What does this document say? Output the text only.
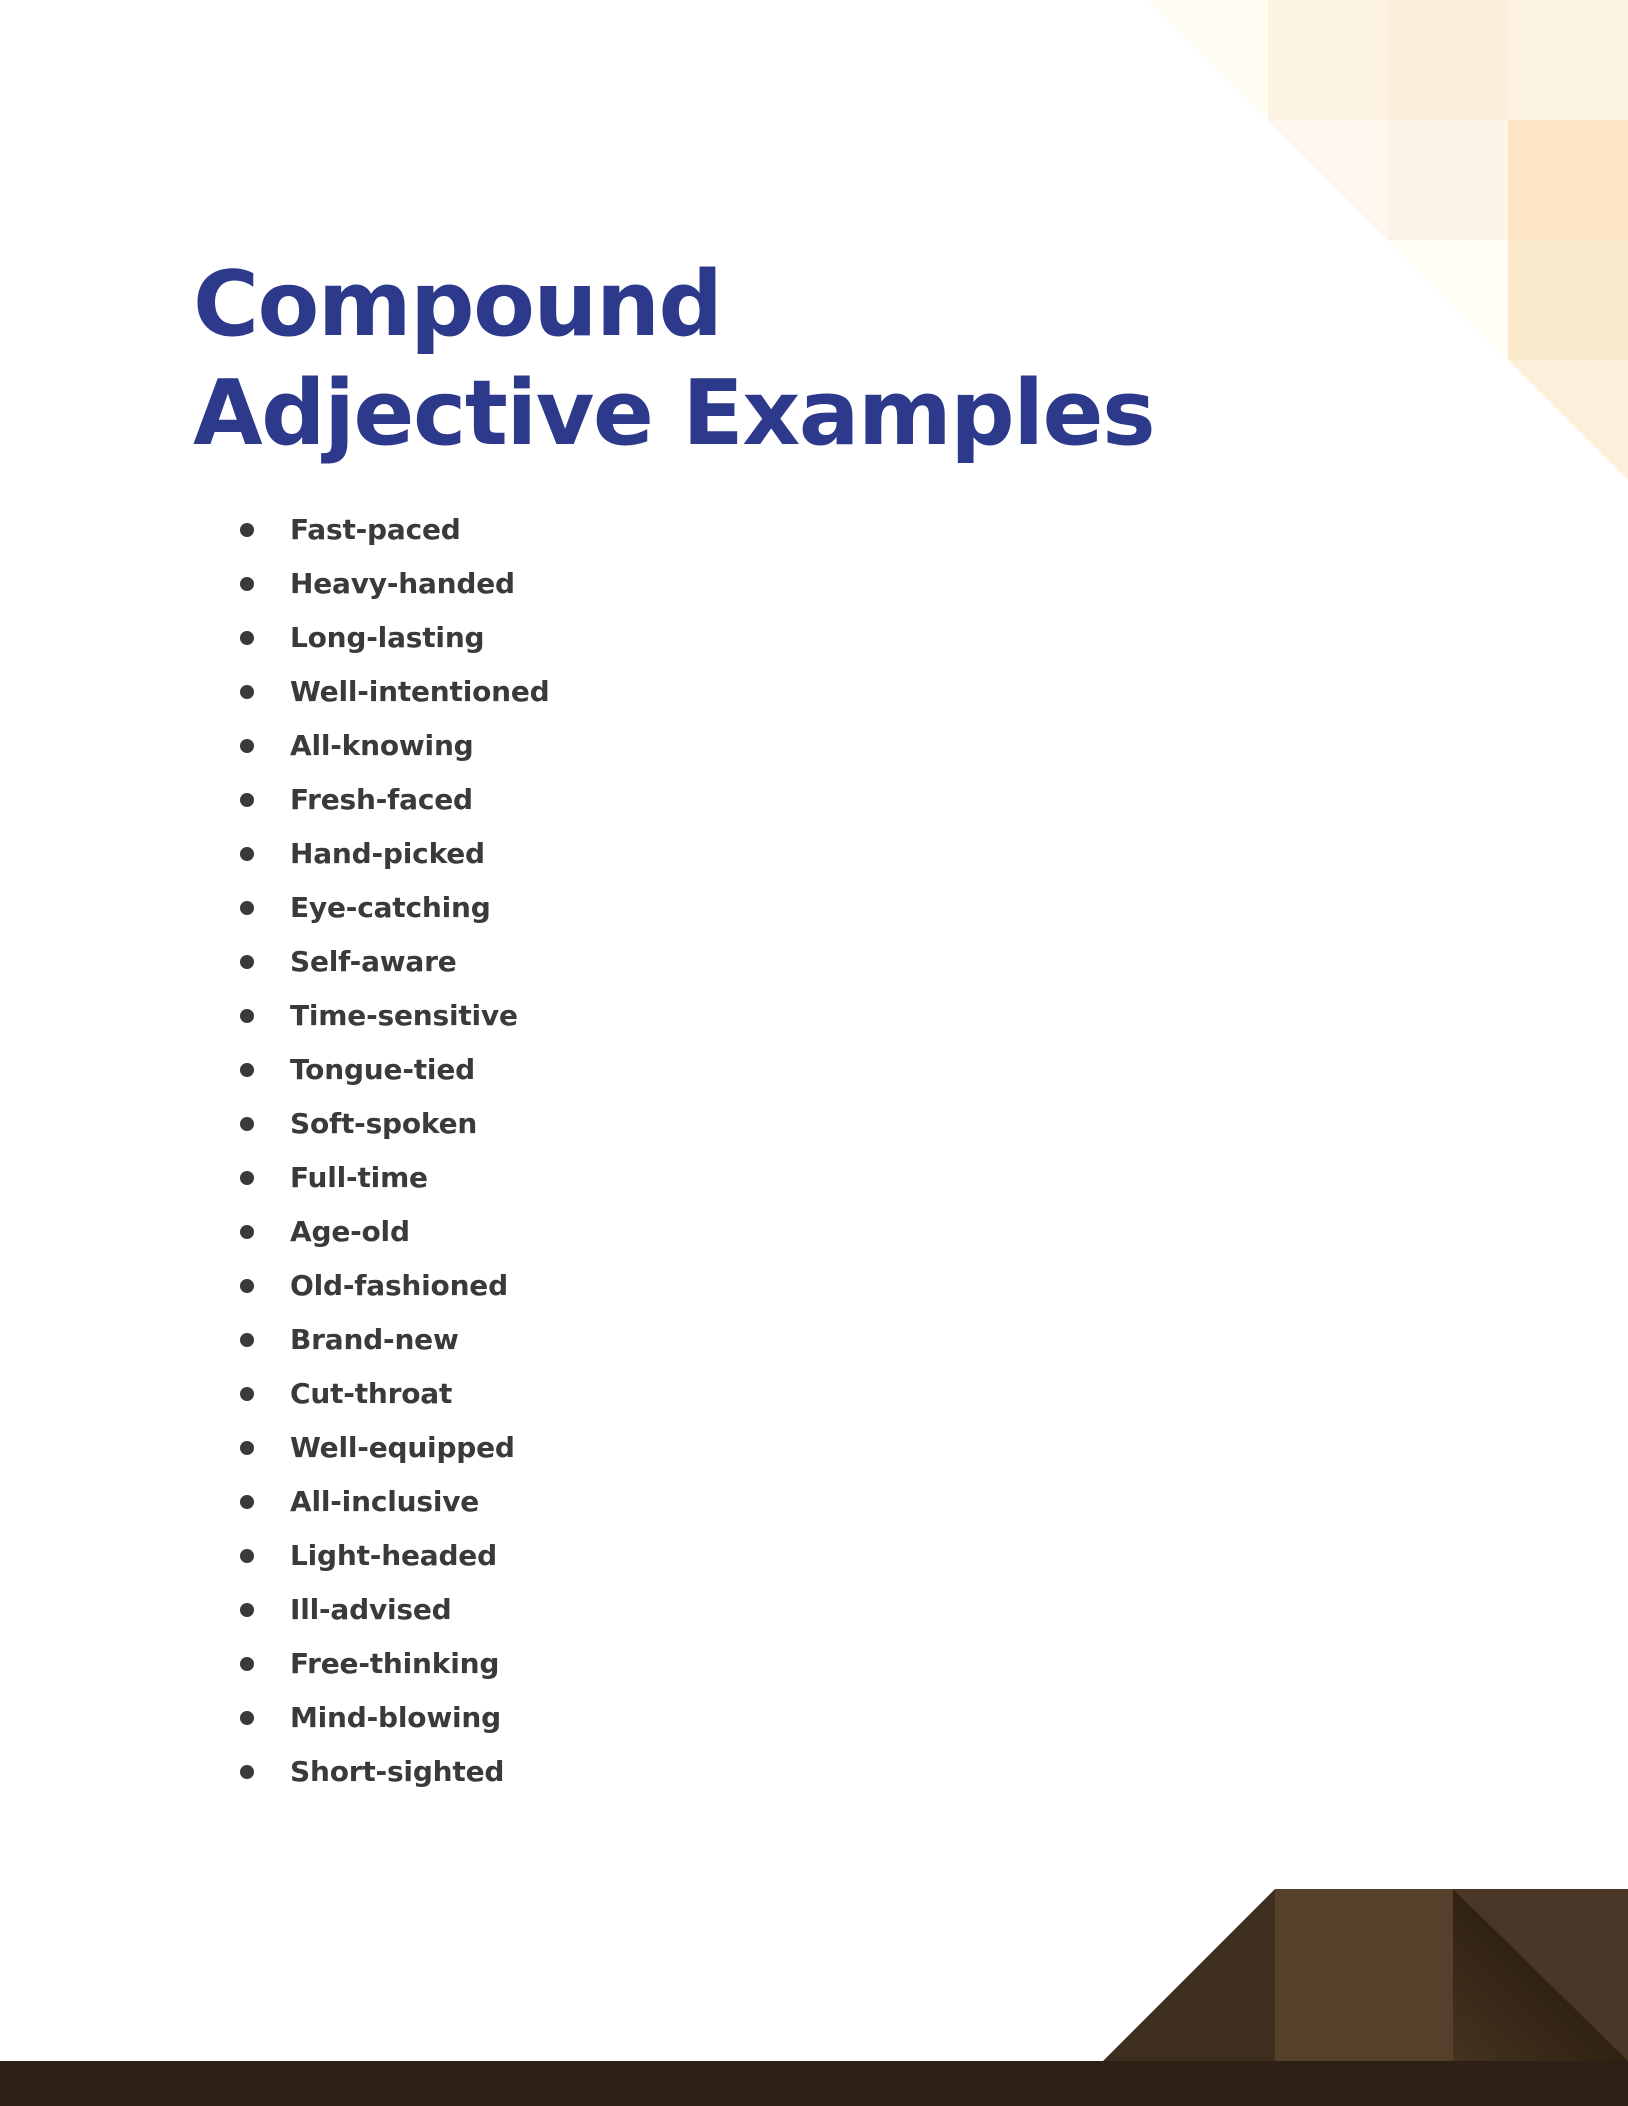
Compound
Adjective Examples
Fast-paced
Heavy-handed
Long-lasting
Well-intentioned
All-knowing
Fresh-faced
Hand-picked
Eye-catching
Self-aware
Time-sensitive
Tongue-tied
Soft-spoken
Full-time
Age-old
Old-fashioned
Brand-new
Cut-throat
Well-equipped
All-inclusive
Light-headed
Ill-advised
Free-thinking
Mind-blowing
Short-sighted
